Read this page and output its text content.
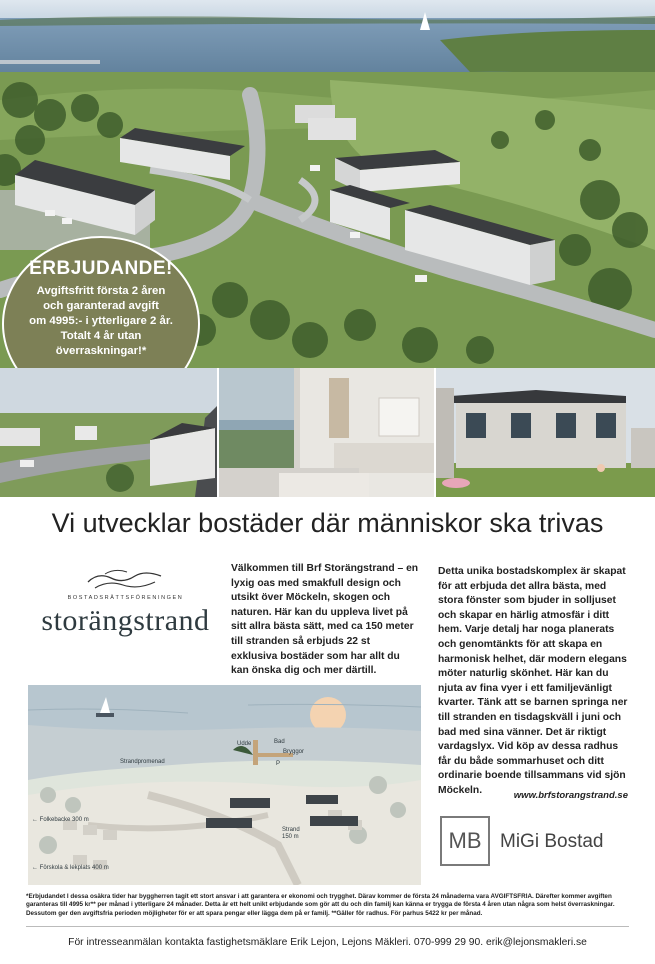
ERBJUDANDE!
Avgiftsfritt första 2 åren
och garanterad avgift
om 4995:- i ytterligare 2 år.
Totalt 4 år utan
överraskningar!*
Vi utvecklar bostäder där människor ska trivas
BOSTADSRÄTTSFÖRENINGEN
storängstrand
Välkommen till Brf Storängstrand – en lyxig oas med smakfull design och utsikt över Möckeln, skogen och naturen. Här kan du uppleva livet på sitt allra bästa sätt, med ca 150 meter till stranden så erbjuds 22 st exklusiva bostäder som har allt du kan önska dig och mer därtill.
Detta unika bostadskomplex är skapat för att erbjuda det allra bästa, med stora fönster som bjuder in solljuset och skapar en härlig atmosfär i ditt hem. Varje detalj har noga planerats och genomtänkts för att skapa en harmonisk helhet, där modern elegans möter naturlig skönhet. Här kan du njuta av fina vyer i ett familjevänligt kvarter. Tänk att se barnen springa ner till stranden en tisdagskväll i juni och bad med sina vänner. Det är riktigt vardagslyx. Vid köp av dessa radhus får du både sommarhuset och ditt ordinarie boende tillsammans vid sjön Möckeln.	www.brfstorangstrand.se
Udde	Bad
Bryggor
Strandpromenad
← Folkebacke 300 m
← Förskola & lekplats 400 m
Strand
150 m
P
MB MiGi Bostad
*Erbjudandet I dessa osäkra tider har byggherren tagit ett stort ansvar i att garantera er ekonomi och trygghet. Därav kommer de första 24 månaderna vara AVGIFTSFRIA. Därefter kommer avgiften garanteras till 4995 kr** per månad i ytterligare 24 månader. Detta är ett helt unikt erbjudande som gör att du och din familj kan känna er trygga de första 4 åren utan några som helst överraskningar. Dessutom ger den avgiftsfria perioden möjligheter för er att spara pengar eller lägga dem på er familj. **Gäller för radhus. För parhus 5422 kr per månad.
För intresseanmälan kontakta fastighetsmäklare Erik Lejon, Lejons Mäkleri. 070-999 29 90. erik@lejonsmakleri.se
